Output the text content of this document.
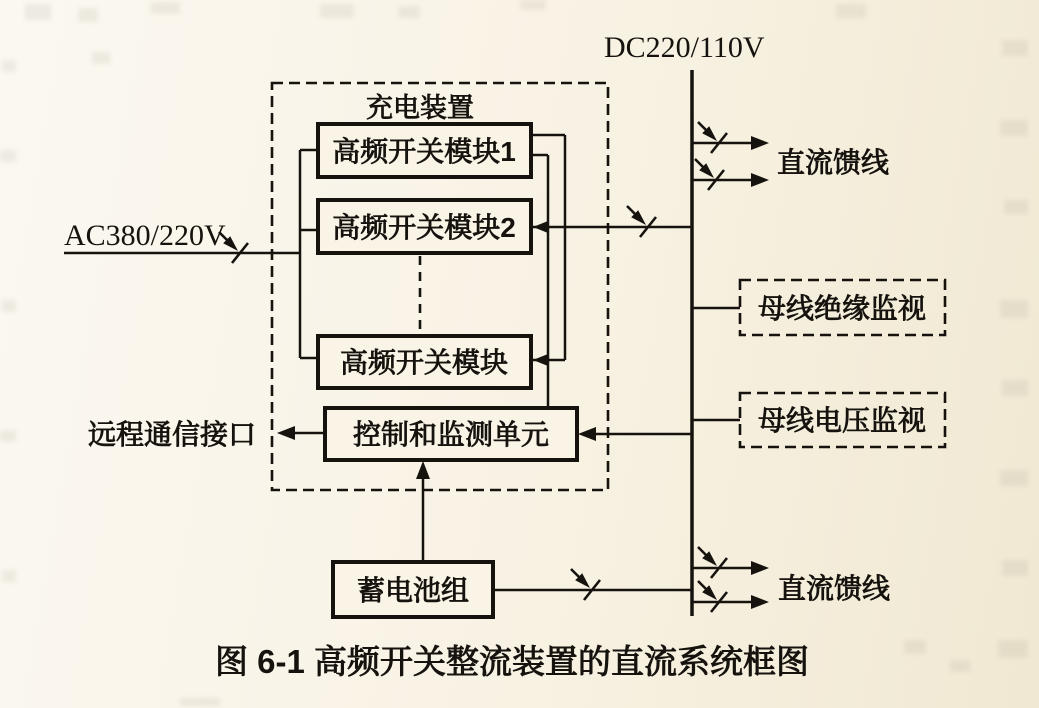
充电装置
高频开关模块1
高频开关模块2
高频开关模块
控制和监测单元
蓄电池组
母线绝缘监视
母线电压监视
AC380/220V
DC220/110V
直流馈线
直流馈线
远程通信接口
图 6-1 高频开关整流装置的直流系统框图
